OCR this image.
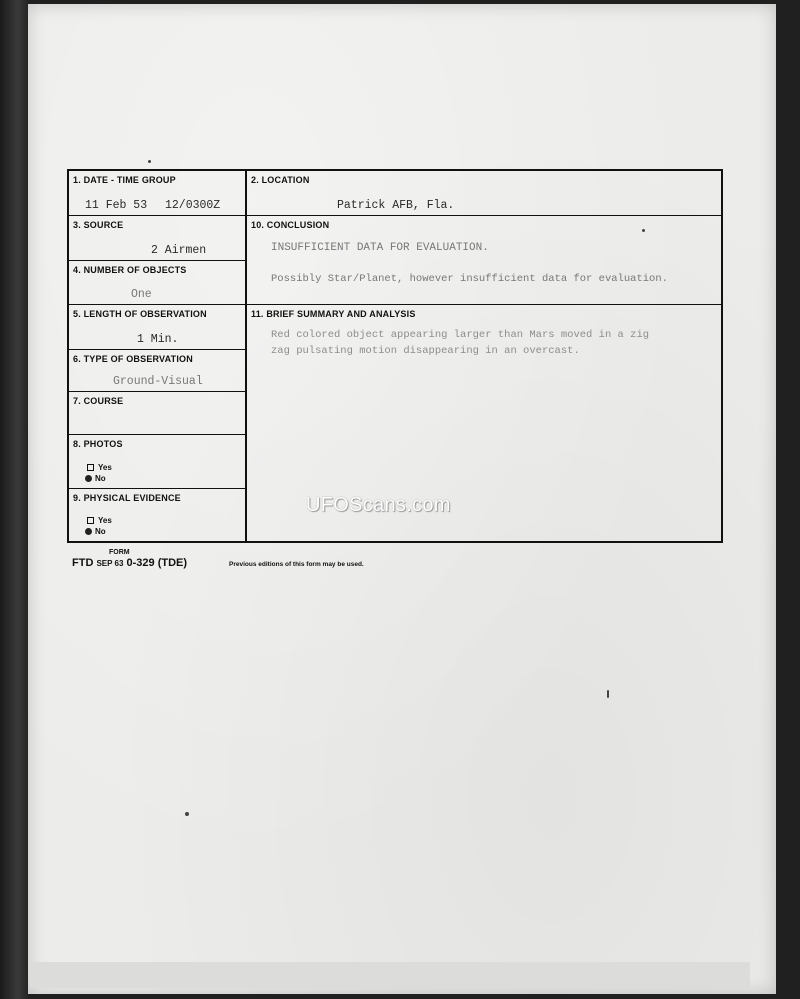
1. DATE - TIME GROUP
11 Feb 53 12/0300Z
3. SOURCE
2 Airmen
4. NUMBER OF OBJECTS
One
5. LENGTH OF OBSERVATION
1 Min.
6. TYPE OF OBSERVATION
Ground-Visual
7. COURSE
8. PHOTOS
Yes
No
9. PHYSICAL EVIDENCE
Yes
No
2. LOCATION
Patrick AFB, Fla.
10. CONCLUSION
INSUFFICIENT DATA FOR EVALUATION.
Possibly Star/Planet, however insufficient data for evaluation.
11. BRIEF SUMMARY AND ANALYSIS
Red colored object appearing larger than Mars moved in a zig
zag pulsating motion disappearing in an overcast.
UFOScans.com
FORM
FTD SEP 63 0-329 (TDE)	Previous editions of this form may be used.
